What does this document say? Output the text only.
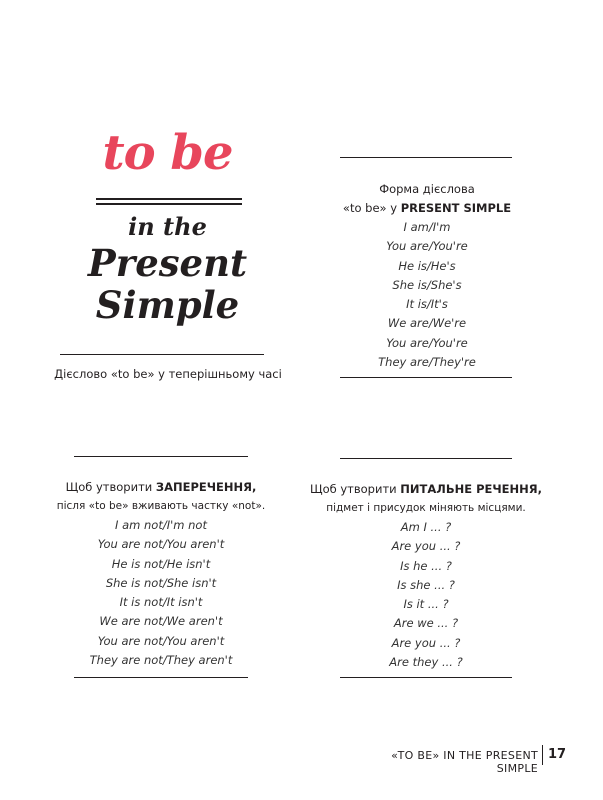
to be
in the
Present
Simple
Дієслово «to be» у теперішньому часі
Форма дієслова
«to be» у PRESENT SIMPLE
I am/I'm
You are/You're
He is/He's
She is/She's
It is/It's
We are/We're
You are/You're
They are/They're
Щоб утворити ЗАПЕРЕЧЕННЯ,
після «to be» вживають частку «not».
I am not/I'm not
You are not/You aren't
He is not/He isn't
She is not/She isn't
It is not/It isn't
We are not/We aren't
You are not/You aren't
They are not/They aren't
Щоб утворити ПИТАЛЬНЕ РЕЧЕННЯ,
підмет і присудок міняють місцями.
Am I ... ?
Are you ... ?
Is he ... ?
Is she ... ?
Is it ... ?
Are we ... ?
Are you ... ?
Are they ... ?
«TO BE» IN THE PRESENT SIMPLE
17
